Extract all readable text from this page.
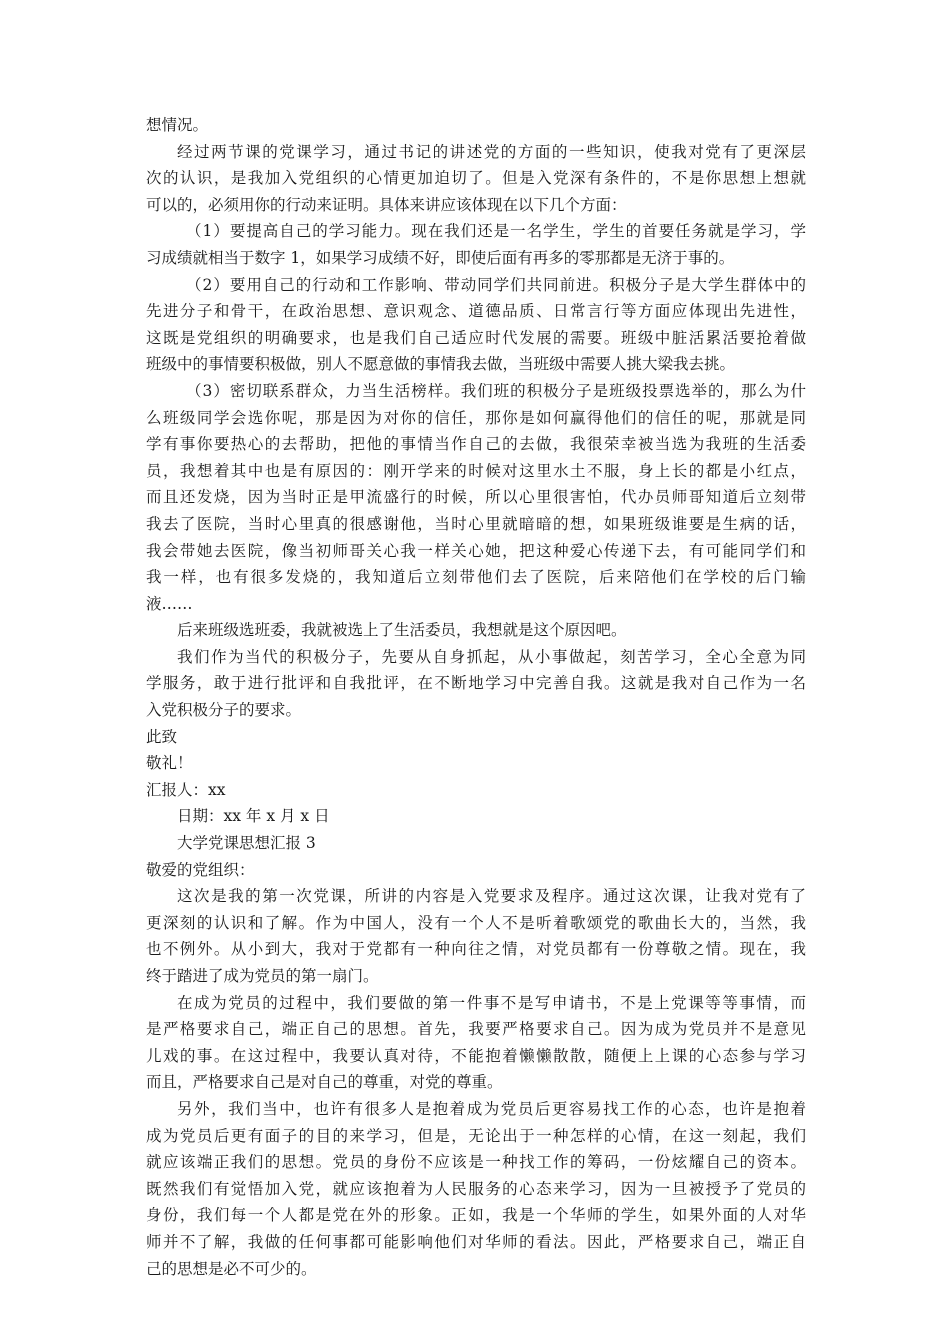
想情况。

经过两节课的党课学习，通过书记的讲述党的方面的一些知识，使我对党有了更深层

次的认识，是我加入党组织的心情更加迫切了。但是入党深有条件的，不是你思想上想就

可以的，必须用你的行动来证明。具体来讲应该体现在以下几个方面：

（1）要提高自己的学习能力。现在我们还是一名学生，学生的首要任务就是学习，学

习成绩就相当于数字 1，如果学习成绩不好，即使后面有再多的零那都是无济于事的。

（2）要用自己的行动和工作影响、带动同学们共同前进。积极分子是大学生群体中的

先进分子和骨干，在政治思想、意识观念、道德品质、日常言行等方面应体现出先进性，

这既是党组织的明确要求，也是我们自己适应时代发展的需要。班级中脏活累活要抢着做

班级中的事情要积极做，别人不愿意做的事情我去做，当班级中需要人挑大梁我去挑。

（3）密切联系群众，力当生活榜样。我们班的积极分子是班级投票选举的，那么为什

么班级同学会选你呢，那是因为对你的信任，那你是如何赢得他们的信任的呢，那就是同

学有事你要热心的去帮助，把他的事情当作自己的去做，我很荣幸被当选为我班的生活委

员，我想着其中也是有原因的：刚开学来的时候对这里水土不服，身上长的都是小红点，

而且还发烧，因为当时正是甲流盛行的时候，所以心里很害怕，代办员师哥知道后立刻带

我去了医院，当时心里真的很感谢他，当时心里就暗暗的想，如果班级谁要是生病的话，

我会带她去医院，像当初师哥关心我一样关心她，把这种爱心传递下去，有可能同学们和

我一样，也有很多发烧的，我知道后立刻带他们去了医院，后来陪他们在学校的后门输

液……

后来班级选班委，我就被选上了生活委员，我想就是这个原因吧。

我们作为当代的积极分子，先要从自身抓起，从小事做起，刻苦学习，全心全意为同

学服务，敢于进行批评和自我批评，在不断地学习中完善自我。这就是我对自己作为一名

入党积极分子的要求。

此致

敬礼！

汇报人：xx

日期：xx 年 x 月 x 日

大学党课思想汇报 3

敬爱的党组织：

这次是我的第一次党课，所讲的内容是入党要求及程序。通过这次课，让我对党有了

更深刻的认识和了解。作为中国人，没有一个人不是听着歌颂党的歌曲长大的，当然，我

也不例外。从小到大，我对于党都有一种向往之情，对党员都有一份尊敬之情。现在，我

终于踏进了成为党员的第一扇门。

在成为党员的过程中，我们要做的第一件事不是写申请书，不是上党课等等事情，而

是严格要求自己，端正自己的思想。首先，我要严格要求自己。因为成为党员并不是意见

儿戏的事。在这过程中，我要认真对待，不能抱着懒懒散散，随便上上课的心态参与学习

而且，严格要求自己是对自己的尊重，对党的尊重。

另外，我们当中，也许有很多人是抱着成为党员后更容易找工作的心态，也许是抱着

成为党员后更有面子的目的来学习，但是，无论出于一种怎样的心情，在这一刻起，我们

就应该端正我们的思想。党员的身份不应该是一种找工作的筹码，一份炫耀自己的资本。

既然我们有觉悟加入党，就应该抱着为人民服务的心态来学习，因为一旦被授予了党员的

身份，我们每一个人都是党在外的形象。正如，我是一个华师的学生，如果外面的人对华

师并不了解，我做的任何事都可能影响他们对华师的看法。因此，严格要求自己，端正自

己的思想是必不可少的。
